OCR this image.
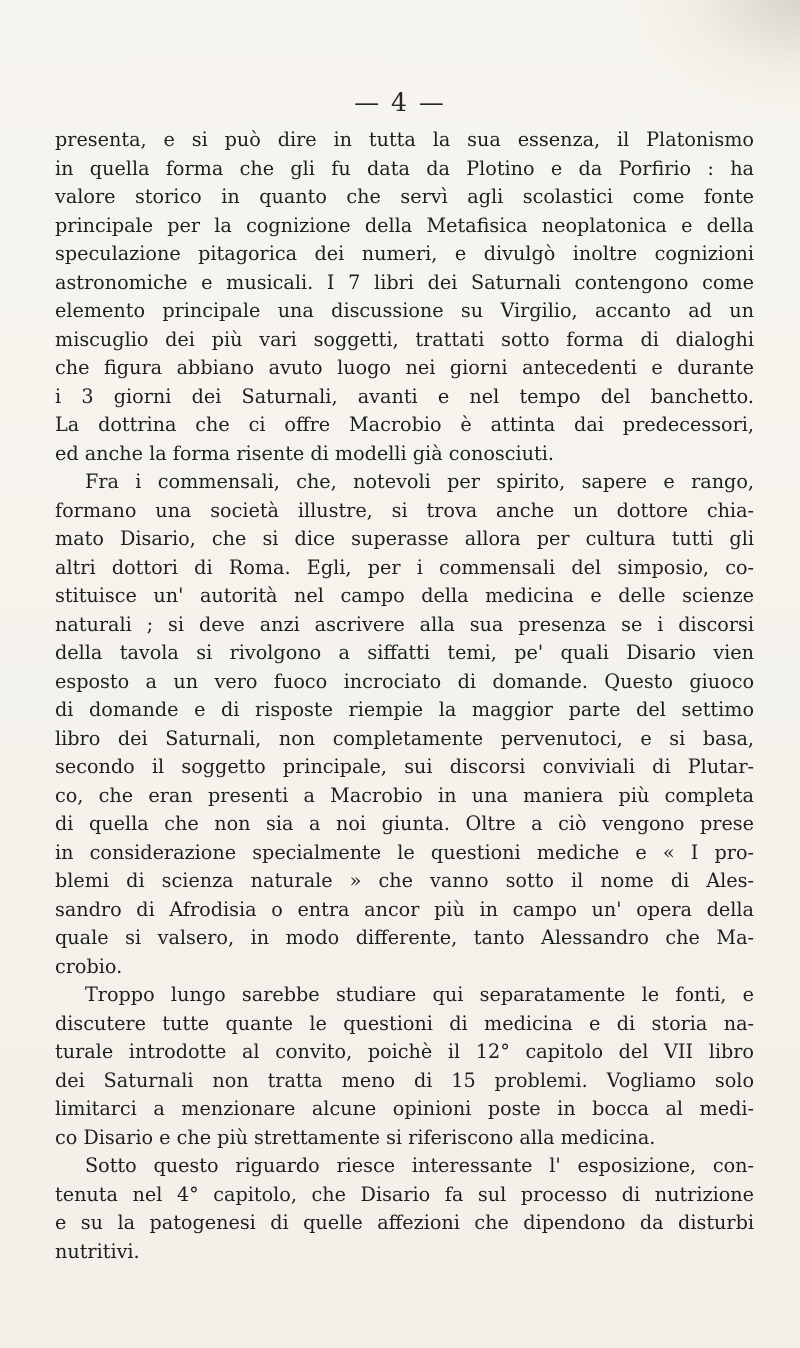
— 4 —

presenta, e si può dire in tutta la sua essenza, il Platonismo
in quella forma che gli fu data da Plotino e da Porfirio : ha
valore storico in quanto che servì agli scolastici come fonte
principale per la cognizione della Metafisica neoplatonica e della
speculazione pitagorica dei numeri, e divulgò inoltre cognizioni
astronomiche e musicali. I 7 libri dei Saturnali contengono come
elemento principale una discussione su Virgilio, accanto ad un
miscuglio dei più vari soggetti, trattati sotto forma di dialoghi
che figura abbiano avuto luogo nei giorni antecedenti e durante
i 3 giorni dei Saturnali, avanti e nel tempo del banchetto.
La dottrina che ci offre Macrobio è attinta dai predecessori,
ed anche la forma risente di modelli già conosciuti.

Fra i commensali, che, notevoli per spirito, sapere e rango,
formano una società illustre, si trova anche un dottore chia-
mato Disario, che si dice superasse allora per cultura tutti gli
altri dottori di Roma. Egli, per i commensali del simposio, co-
stituisce un' autorità nel campo della medicina e delle scienze
naturali ; si deve anzi ascrivere alla sua presenza se i discorsi
della tavola si rivolgono a siffatti temi, pe' quali Disario vien
esposto a un vero fuoco incrociato di domande. Questo giuoco
di domande e di risposte riempie la maggior parte del settimo
libro dei Saturnali, non completamente pervenutoci, e si basa,
secondo il soggetto principale, sui discorsi conviviali di Plutar-
co, che eran presenti a Macrobio in una maniera più completa
di quella che non sia a noi giunta. Oltre a ciò vengono prese
in considerazione specialmente le questioni mediche e « I pro-
blemi di scienza naturale » che vanno sotto il nome di Ales-
sandro di Afrodisia o entra ancor più in campo un' opera della
quale si valsero, in modo differente, tanto Alessandro che Ma-
crobio.

Troppo lungo sarebbe studiare qui separatamente le fonti, e
discutere tutte quante le questioni di medicina e di storia na-
turale introdotte al convito, poichè il 12° capitolo del VII libro
dei Saturnali non tratta meno di 15 problemi. Vogliamo solo
limitarci a menzionare alcune opinioni poste in bocca al medi-
co Disario e che più strettamente si riferiscono alla medicina.

Sotto questo riguardo riesce interessante l' esposizione, con-
tenuta nel 4° capitolo, che Disario fa sul processo di nutrizione
e su la patogenesi di quelle affezioni che dipendono da disturbi
nutritivi.
